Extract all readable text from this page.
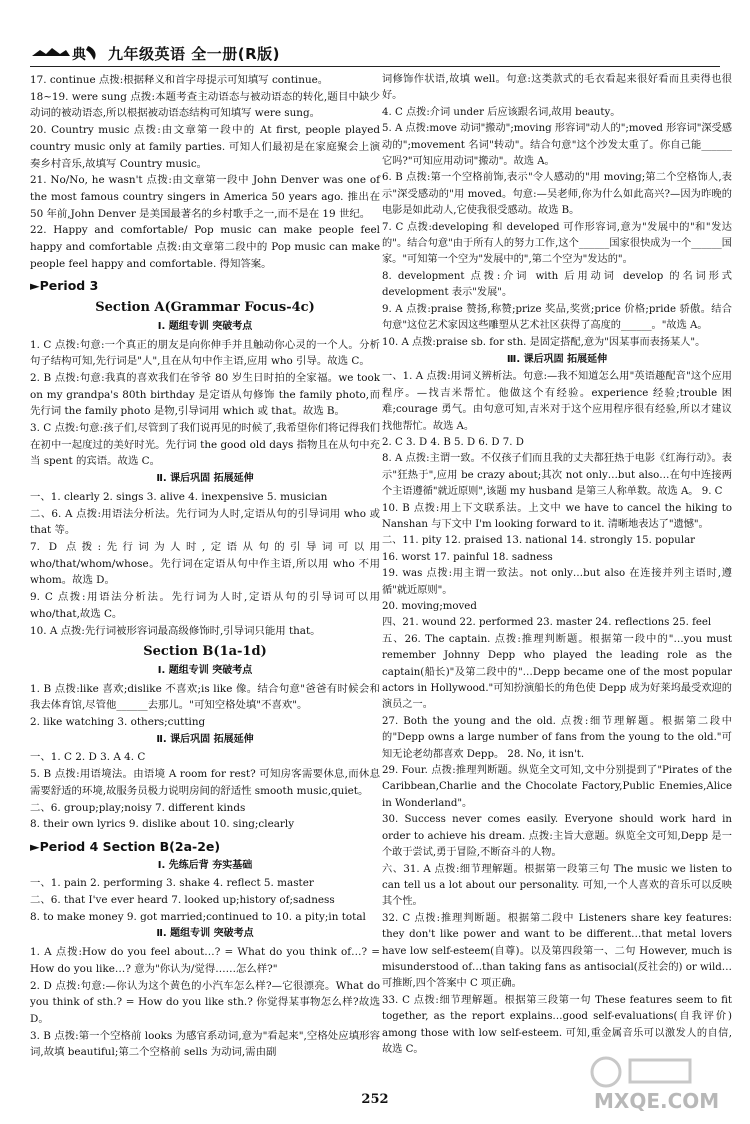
典 九年级英语 全一册(R版)
17. continue 点拨:根据释义和首字母提示可知填写 continue。
18~19. were sung 点拨:本题考查主动语态与被动语态的转化,题目中缺少动词的被动语态,所以根据被动语态结构可知填写 were sung。
20. Country music 点拨:由文章第一段中的 At first, people played country music only at family parties. 可知人们最初是在家庭聚会上演奏乡村音乐,故填写 Country music。
21. No/No, he wasn't 点拨:由文章第一段中 John Denver was one of the most famous country singers in America 50 years ago. 推出在 50 年前,John Denver 是美国最著名的乡村歌手之一,而不是在 19 世纪。
22. Happy and comfortable/ Pop music can make people feel happy and comfortable 点拨:由文章第二段中的 Pop music can make people feel happy and comfortable. 得知答案。
►Period 3
Section A(Grammar Focus-4c)
Ⅰ. 题组专训 突破考点
1. C 点拨:句意:一个真正的朋友是向你伸手并且触动你心灵的一个人。分析句子结构可知,先行词是"人",且在从句中作主语,应用 who 引导。故选 C。
2. B 点拨:句意:我真的喜欢我们在爷爷 80 岁生日时拍的全家福。we took on my grandpa's 80th birthday 是定语从句修饰 the family photo,而先行词 the family photo 是物,引导词用 which 或 that。故选 B。
3. C 点拨:句意:孩子们,尽管到了我们说再见的时候了,我希望你们将记得我们在初中一起度过的美好时光。先行词 the good old days 指物且在从句中充当 spent 的宾语。故选 C。
Ⅱ. 课后巩固 拓展延伸
一、1. clearly 2. sings 3. alive 4. inexpensive 5. musician
二、6. A 点拨:用语法分析法。先行词为人时,定语从句的引导词用 who 或 that 等。
7. D 点拨:先行词为人时,定语从句的引导词可以用 who/that/whom/whose。先行词在定语从句中作主语,所以用 who 不用 whom。故选 D。
9. C 点拨:用语法分析法。先行词为人时,定语从句的引导词可以用 who/that,故选 C。
10. A 点拨:先行词被形容词最高级修饰时,引导词只能用 that。
Section B(1a-1d)
Ⅰ. 题组专训 突破考点
1. B 点拨:like 喜欢;dislike 不喜欢;is like 像。结合句意"爸爸有时候会和我去体育馆,尽管他______去那儿。"可知空格处填"不喜欢"。
2. like watching 3. others;cutting
Ⅱ. 课后巩固 拓展延伸
一、1. C 2. D 3. A 4. C
5. B 点拨:用语境法。由语境 A room for rest? 可知房客需要休息,而休息需要舒适的环境,故服务员极力说明房间的舒适性 smooth music,quiet。
二、6. group;play;noisy 7. different kinds
8. their own lyrics 9. dislike about 10. sing;clearly
►Period 4 Section B(2a-2e)
Ⅰ. 先练后背 夯实基础
一、1. pain 2. performing 3. shake 4. reflect 5. master
二、6. that I've ever heard 7. looked up;history of;sadness
8. to make money 9. got married;continued to 10. a pity;in total
Ⅱ. 题组专训 突破考点
1. A 点拨:How do you feel about…? = What do you think of…? = How do you like…? 意为"你认为/觉得……怎么样?"
2. D 点拨:句意:—你认为这个黄色的小汽车怎么样?—它很漂亮。What do you think of sth.? = How do you like sth.? 你觉得某事物怎么样?故选 D。
3. B 点拨:第一个空格前 looks 为感官系动词,意为"看起来",空格处应填形容词,故填 beautiful;第二个空格前 sells 为动词,需由副
词修饰作状语,故填 well。句意:这类款式的毛衣看起来很好看而且卖得也很好。
4. C 点拨:介词 under 后应该跟名词,故用 beauty。
5. A 点拨:move 动词"搬动";moving 形容词"动人的";moved 形容词"深受感动的";movement 名词"转动"。结合句意"这个沙发太重了。你自己能______它吗?"可知应用动词"搬动"。故选 A。
6. B 点拨:第一个空格前饰,表示"令人感动的"用 moving;第二个空格饰人,表示"深受感动的"用 moved。句意:—吴老师,你为什么如此高兴?—因为昨晚的电影是如此动人,它使我很受感动。故选 B。
7. C 点拨:developing 和 developed 可作形容词,意为"发展中的"和"发达的"。结合句意"由于所有人的努力工作,这个______国家很快成为一个______国家。"可知第一个空为"发展中的",第二个空为"发达的"。
8. development 点拨:介词 with 后用动词 develop 的名词形式 development 表示"发展"。
9. A 点拨:praise 赞扬,称赞;prize 奖品,奖赏;price 价格;pride 骄傲。结合句意"这位艺术家因这些雕塑从艺术社区获得了高度的______。"故选 A。
10. A 点拨:praise sb. for sth. 是固定搭配,意为"因某事而表扬某人"。
Ⅲ. 课后巩固 拓展延伸
一、1. A 点拨:用词义辨析法。句意:—我不知道怎么用"英语趣配音"这个应用程序。—找吉米帮忙。他做这个有经验。experience 经验;trouble 困难;courage 勇气。由句意可知,吉米对于这个应用程序很有经验,所以才建议找他帮忙。故选 A。
2. C 3. D 4. B 5. D 6. D 7. D
8. A 点拨:主谓一致。不仅孩子们而且我的丈夫都狂热于电影《红海行动》。表示"狂热于",应用 be crazy about;其次 not only…but also…在句中连接两个主语遵循"就近原则",该题 my husband 是第三人称单数。故选 A。 9. C
10. B 点拨:用上下文联系法。上文中 we have to cancel the hiking to Nanshan 与下文中 I'm looking forward to it. 清晰地表达了"遗憾"。
二、11. pity 12. praised 13. national 14. strongly 15. popular
16. worst 17. painful 18. sadness
19. was 点拨:用主谓一致法。not only…but also 在连接并列主语时,遵循"就近原则"。
20. moving;moved
四、21. wound 22. performed 23. master 24. reflections 25. feel
五、26. The captain. 点拨:推理判断题。根据第一段中的"…you must remember Johnny Depp who played the leading role as the captain(船长)"及第二段中的"…Depp became one of the most popular actors in Hollywood."可知扮演船长的角色使 Depp 成为好莱坞最受欢迎的演员之一。
27. Both the young and the old. 点拨:细节理解题。根据第二段中的"Depp owns a large number of fans from the young to the old."可知无论老幼都喜欢 Depp。 28. No, it isn't.
29. Four. 点拨:推理判断题。纵览全文可知,文中分别提到了"Pirates of the Caribbean,Charlie and the Chocolate Factory,Public Enemies,Alice in Wonderland"。
30. Success never comes easily. Everyone should work hard in order to achieve his dream. 点拨:主旨大意题。纵览全文可知,Depp 是一个敢于尝试,勇于冒险,不断奋斗的人物。
六、31. A 点拨:细节理解题。根据第一段第三句 The music we listen to can tell us a lot about our personality. 可知,一个人喜欢的音乐可以反映其个性。
32. C 点拨:推理判断题。根据第二段中 Listeners share key features: they don't like power and want to be different…that metal lovers have low self-esteem(自尊)。以及第四段第一、二句 However, much is misunderstood of…than taking fans as antisocial(反社会的) or wild…可推断,四个答案中 C 项正确。
33. C 点拨:细节理解题。根据第三段第一句 These features seem to fit together, as the report explains…good self-evaluations(自我评价) among those with low self-esteem. 可知,重金属音乐可以激发人的自信,故选 C。
252	MXQE.COM
